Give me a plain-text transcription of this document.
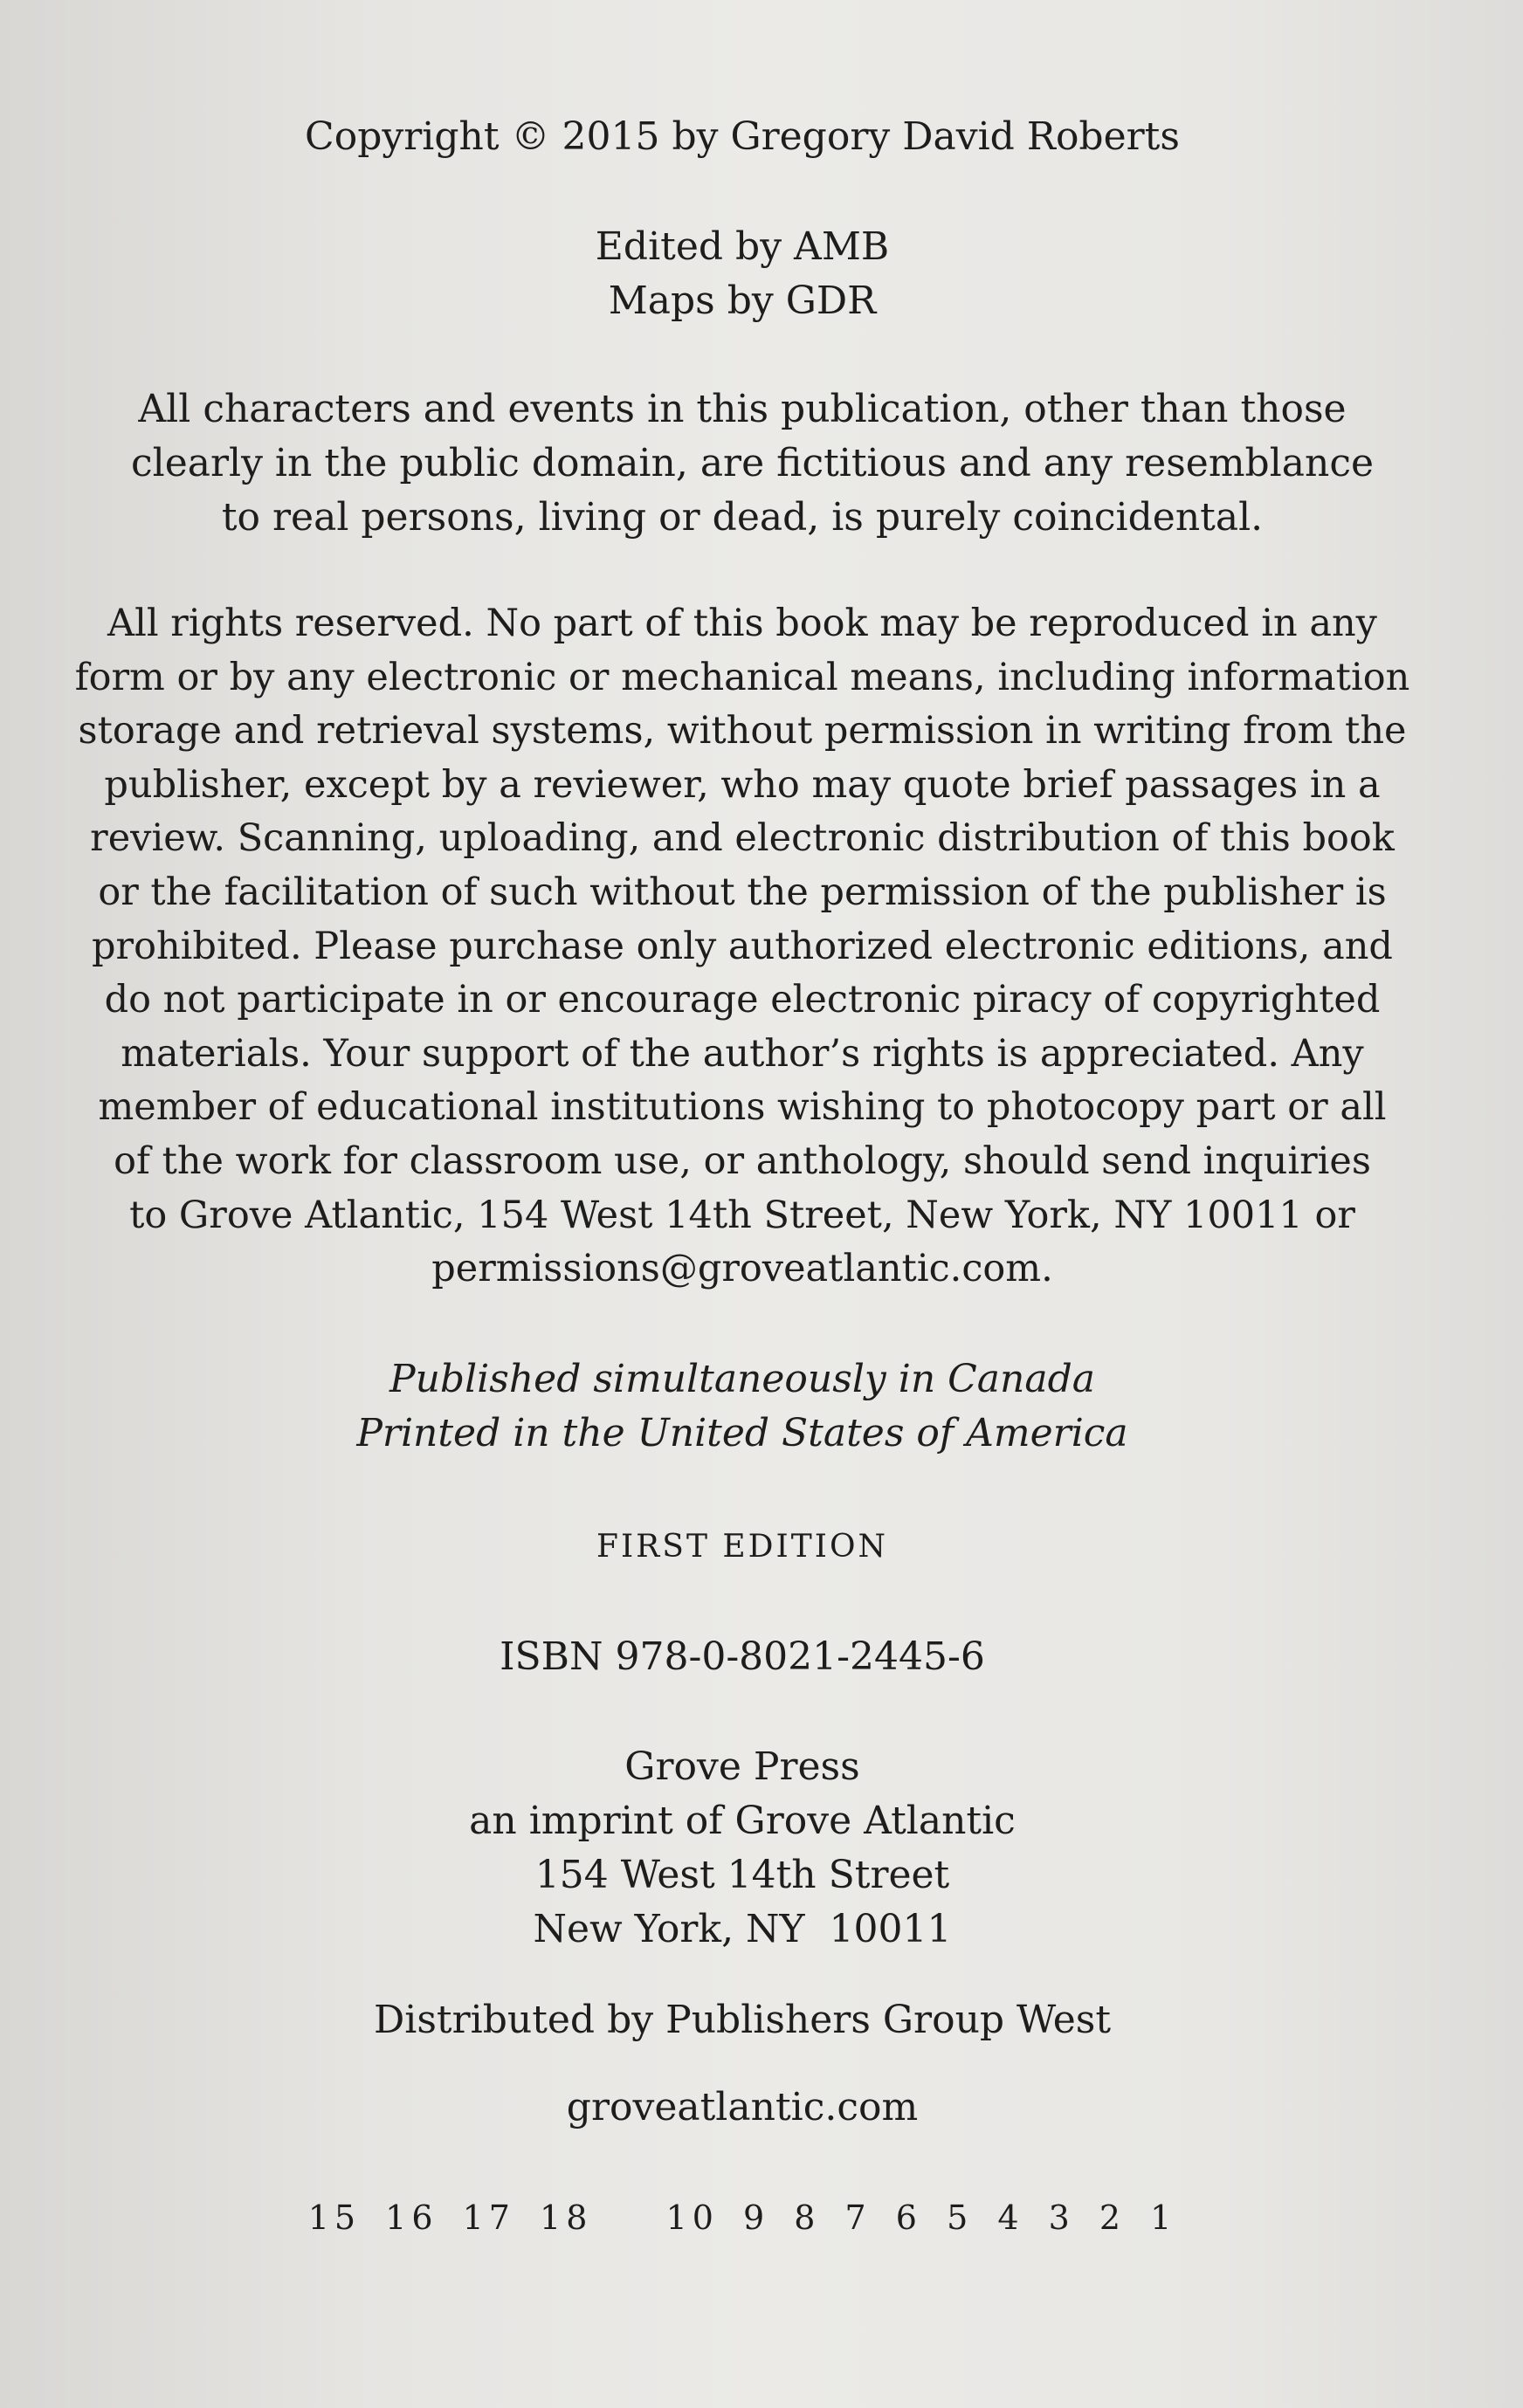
Copyright © 2015 by Gregory David Roberts
Edited by AMB
Maps by GDR
All characters and events in this publication, other than those
clearly in the public domain, are fictitious and any resemblance
to real persons, living or dead, is purely coincidental.
All rights reserved. No part of this book may be reproduced in any
form or by any electronic or mechanical means, including information
storage and retrieval systems, without permission in writing from the
publisher, except by a reviewer, who may quote brief passages in a
review. Scanning, uploading, and electronic distribution of this book
or the facilitation of such without the permission of the publisher is
prohibited. Please purchase only authorized electronic editions, and
do not participate in or encourage electronic piracy of copyrighted
materials. Your support of the author’s rights is appreciated. Any
member of educational institutions wishing to photocopy part or all
of the work for classroom use, or anthology, should send inquiries
to Grove Atlantic, 154 West 14th Street, New York, NY 10011 or
permissions@groveatlantic.com.
Published simultaneously in Canada
Printed in the United States of America
FIRST EDITION
ISBN 978-0-8021-2445-6
Grove Press
an imprint of Grove Atlantic
154 West 14th Street
New York, NY  10011
Distributed by Publishers Group West
groveatlantic.com
15 16 17 18   10 9 8 7 6 5 4 3 2 1
